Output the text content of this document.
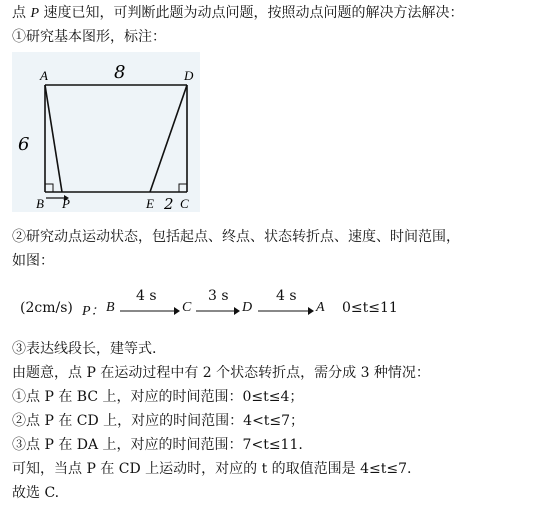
点 P 速度已知，可判断此题为动点问题，按照动点问题的解决方法解决：
①研究基本图形，标注：
A	D
B P	E C
8
6
2
②研究动点运动状态，包括起点、终点、状态转折点、速度、时间范围，
如图：
(2cm/s) P： B
4 s
C
3 s
D
4 s
A 0≤t≤11
③表达线段长，建等式.
由题意，点 P 在运动过程中有 2 个状态转折点，需分成 3 种情况：
①点 P 在 BC 上，对应的时间范围：0≤t≤4；
②点 P 在 CD 上，对应的时间范围：4<t≤7；
③点 P 在 DA 上，对应的时间范围：7<t≤11.
可知，当点 P 在 CD 上运动时，对应的 t 的取值范围是 4≤t≤7.
故选 C.
